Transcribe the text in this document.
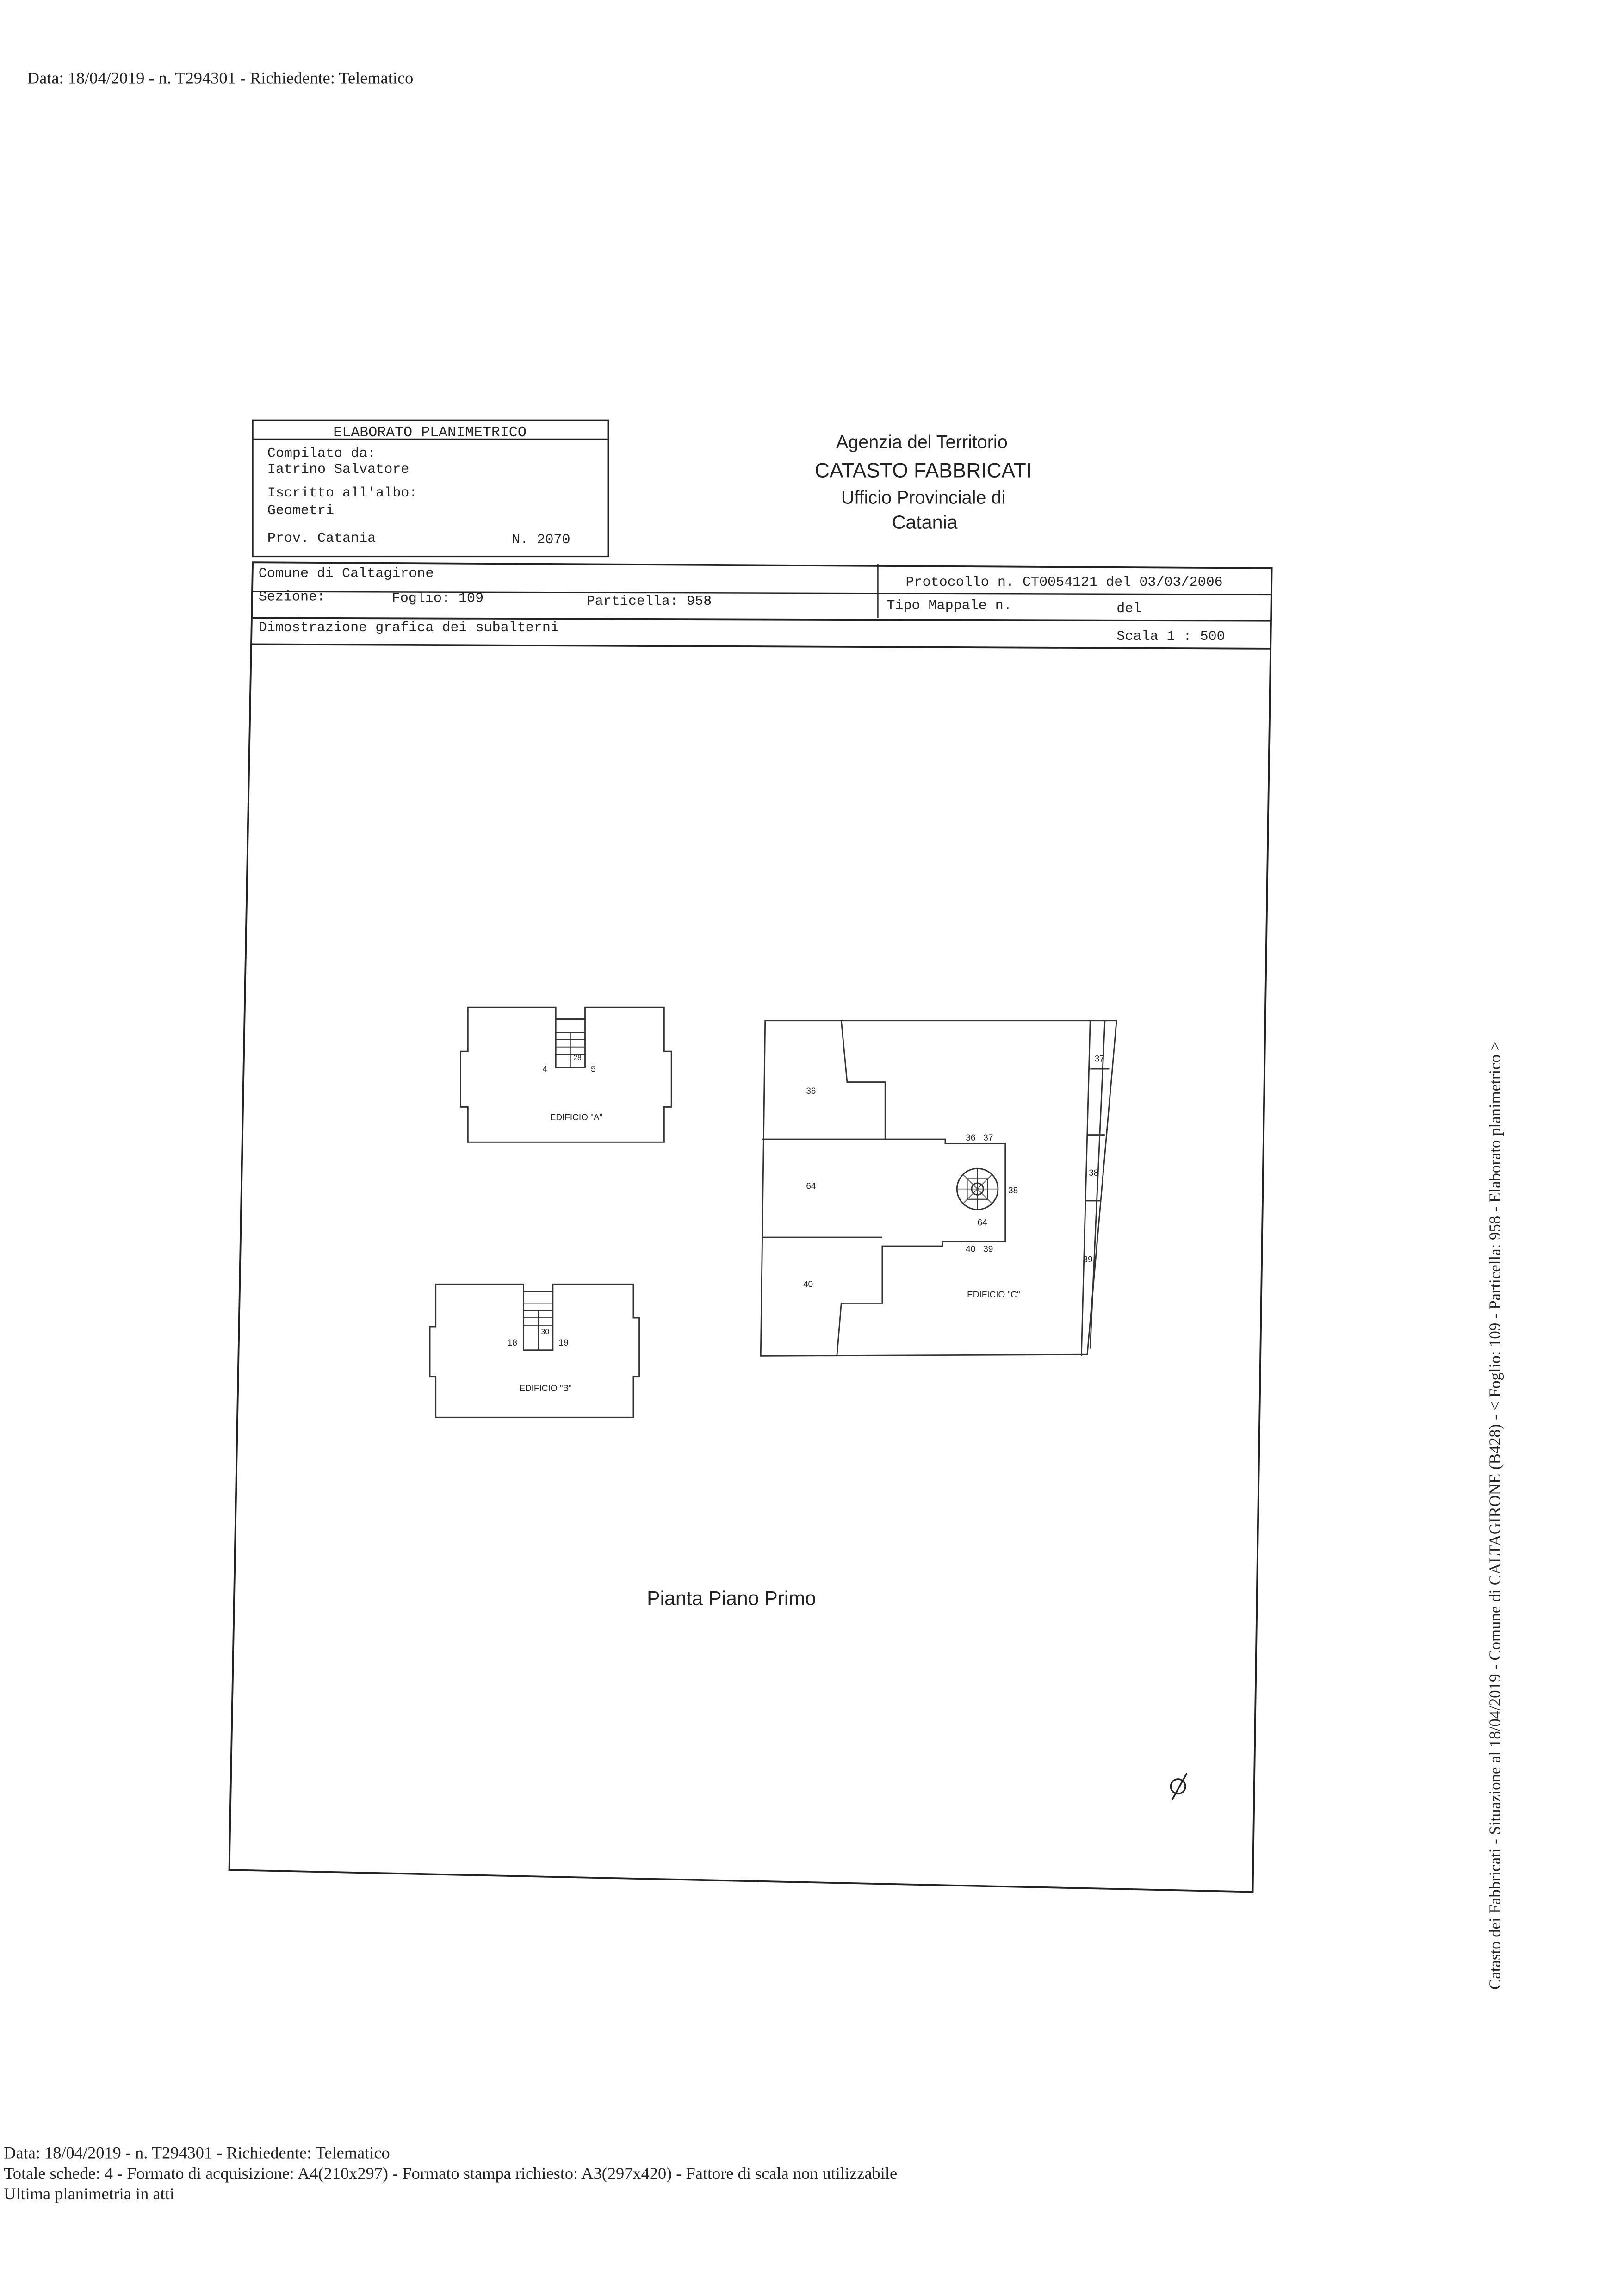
Data: 18/04/2019 - n. T294301 - Richiedente: Telematico
ELABORATO PLANIMETRICO
Compilato da:
Iatrino Salvatore
Iscritto all'albo:
Geometri
Prov. Catania	N. 2070
Agenzia del Territorio
CATASTO FABBRICATI
Ufficio Provinciale di
Catania
Comune di Caltagirone
Sezione:	Foglio: 109	Particella: 958
Protocollo n. CT0054121 del 03/03/2006
Tipo Mappale n.	del
Dimostrazione grafica dei subalterni
Scala 1 : 500
EDIFICIO "A"
4	5
28
EDIFICIO "B"
18	19
30
EDIFICIO "C"
36
64
40
36	37
38
64
40	39
37
38
39
Pianta Piano Primo
Data: 18/04/2019 - n. T294301 - Richiedente: Telematico
Totale schede: 4 - Formato di acquisizione: A4(210x297) - Formato stampa richiesto: A3(297x420) - Fattore di scala non utilizzabile
Ultima planimetria in atti
Catasto dei Fabbricati - Situazione al 18/04/2019 - Comune di CALTAGIRONE (B428) - < Foglio: 109 - Particella: 958 - Elaborato planimetrico >
